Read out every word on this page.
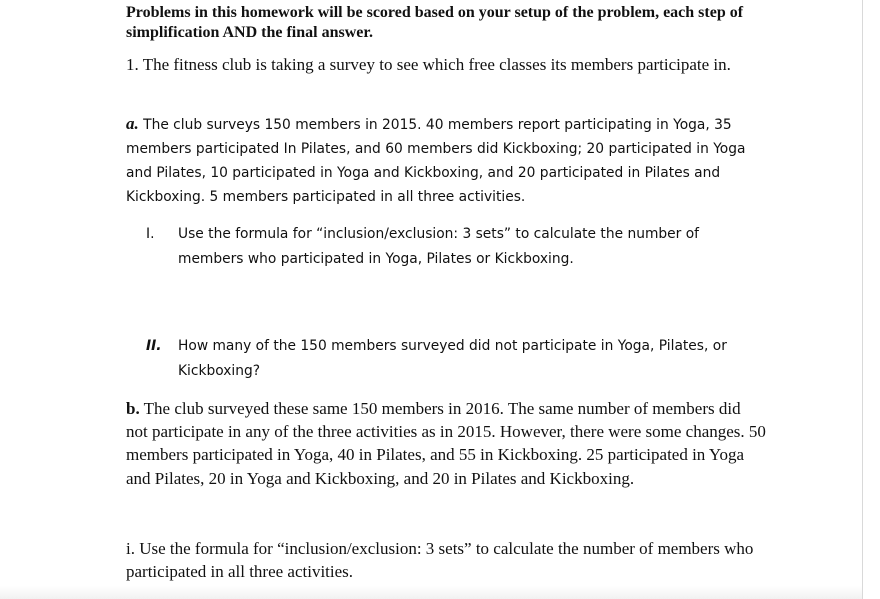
Problems in this homework will be scored based on your setup of the problem, each step of simplification AND the final answer.

1. The fitness club is taking a survey to see which free classes its members participate in.

a. The club surveys 150 members in 2015. 40 members report participating in Yoga, 35 members participated In Pilates, and 60 members did Kickboxing; 20 participated in Yoga and Pilates, 10 participated in Yoga and Kickboxing, and 20 participated in Pilates and Kickboxing. 5 members participated in all three activities.

I. Use the formula for “inclusion/exclusion: 3 sets” to calculate the number of members who participated in Yoga, Pilates or Kickboxing.
II. How many of the 150 members surveyed did not participate in Yoga, Pilates, or Kickboxing?

b. The club surveyed these same 150 members in 2016. The same number of members did not participate in any of the three activities as in 2015. However, there were some changes. 50 members participated in Yoga, 40 in Pilates, and 55 in Kickboxing. 25 participated in Yoga and Pilates, 20 in Yoga and Kickboxing, and 20 in Pilates and Kickboxing.

i. Use the formula for “inclusion/exclusion: 3 sets” to calculate the number of members who participated in all three activities.
